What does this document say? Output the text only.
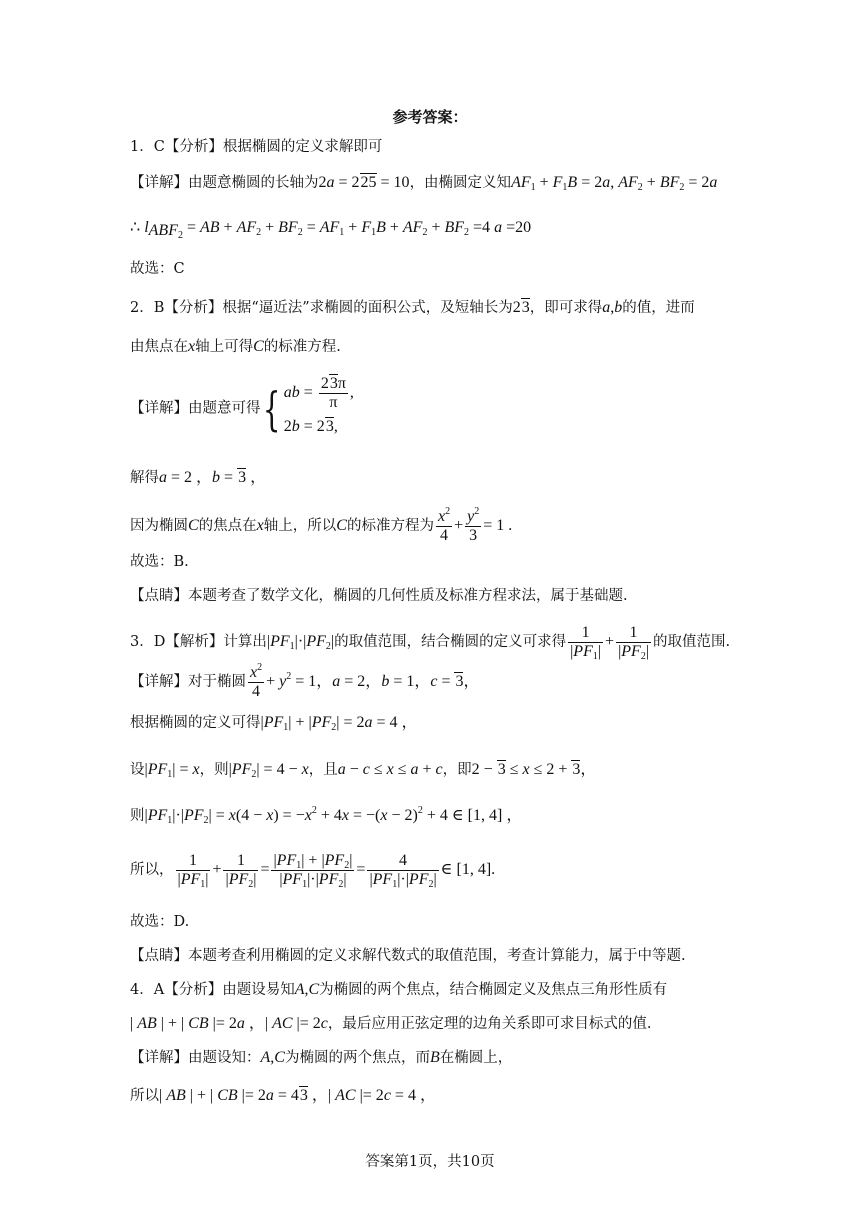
参考答案：
1．C【分析】根据椭圆的定义求解即可
【详解】由题意椭圆的长轴为2a = 225 = 10，由椭圆定义知$AF_1 + F_1B = 2a$, $AF_2 + BF_2 = 2a$
∴ $l_{ABF_2}$ = AB + $AF_2 + BF_2 = AF_1 + F_1B + AF_2 + BF_2 =4$ a =20
故选：C
2．B【分析】根据“逼近法”求椭圆的面积公式，及短轴长为23，即可求得a,b的值，进而
由焦点在x轴上可得C的标准方程.
【详解】由题意可得{ ab = $\frac{23\pi}{\pi}$ ,
2b = 23,
解得a = 2 ，b = 3 ，
因为椭圆C的焦点在x轴上，所以C的标准方程为 $\frac{x^2}{4} + \frac{y^2}{3} = 1$ .
故选：B.
【点睛】本题考查了数学文化，椭圆的几何性质及标准方程求法，属于基础题.
3．D【解析】计算出$|PF_1|\cdot|PF_2|$的取值范围，结合椭圆的定义可求得 $\frac{1}{|PF_1|} + \frac{1}{|PF_2|}$ 的取值范围.
【详解】对于椭圆 $\frac{x^2}{4} + y^2 = 1$，a = 2，b = 1，c = 3，
根据椭圆的定义可得$|PF_1| + |PF_2| = 2a = 4$ ，
设$|PF_1| = x$，则$|PF_2| = 4 - x$，且a − c ≤ x ≤ a + c，即2 − 3 ≤ x ≤ 2 + 3，
则$|PF_1|\cdot|PF_2| = x(4 - x) = -x^2 + 4x = -(x - 2)^2 + 4$ ∈ [1, 4] ，
所以， $\frac{1}{|PF_1|} + \frac{1}{|PF_2|} = \frac{|PF_1| + |PF_2|}{|PF_1|\cdot|PF_2|} = \frac{4}{|PF_1|\cdot|PF_2|}$ ∈ [1, 4].
故选：D.
【点睛】本题考查利用椭圆的定义求解代数式的取值范围，考查计算能力，属于中等题.
4．A【分析】由题设易知A,C为椭圆的两个焦点，结合椭圆定义及焦点三角形性质有
| AB | + | CB |= 2a ，| AC |= 2c，最后应用正弦定理的边角关系即可求目标式的值.
【详解】由题设知：A,C为椭圆的两个焦点，而B在椭圆上，
所以| AB | + | CB |= 2a = 43 ，| AC |= 2c = 4 ，
答案第1页，共10页
